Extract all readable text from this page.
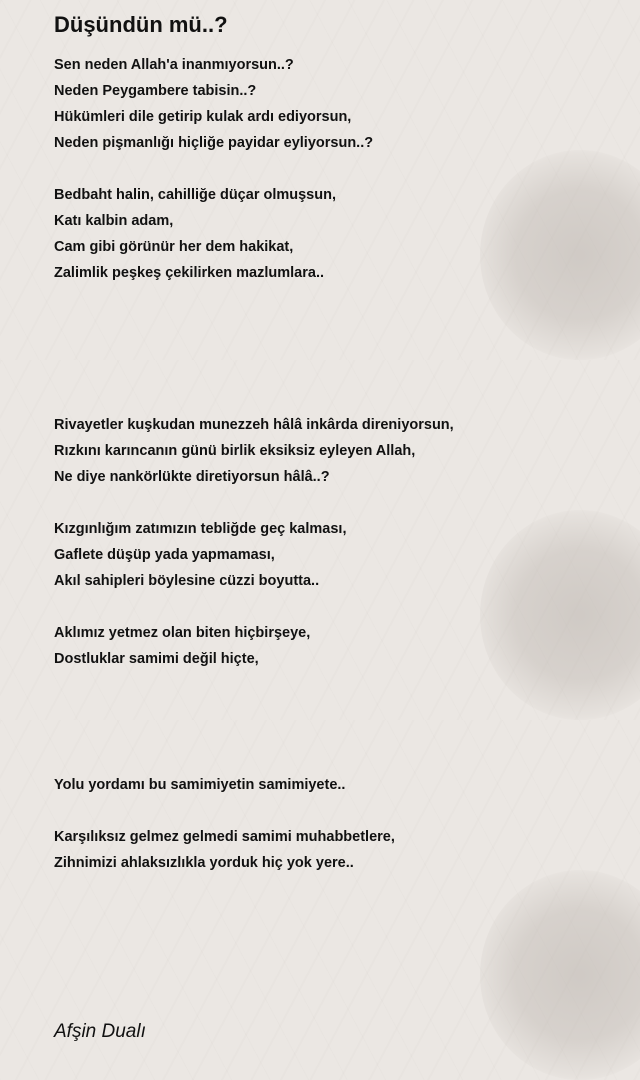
Düşündün mü..?
Sen neden Allah'a inanmıyorsun..?
Neden Peygambere tabisin..?
Hükümleri dile getirip kulak ardı ediyorsun,
Neden pişmanlığı hiçliğe payidar eyliyorsun..?
Bedbaht halin, cahilliğe düçar olmuşsun,
Katı kalbin adam,
Cam gibi görünür her dem hakikat,
Zalimlik peşkeş çekilirken mazlumlara..
Rivayetler kuşkudan munezzeh hâlâ inkârda direniyorsun,
Rızkını karıncanın günü birlik eksiksiz eyleyen Allah,
Ne diye nankörlükte diretiyorsun hâlâ..?
Kızgınlığım zatımızın tebliğde geç kalması,
Gaflete düşüp yada yapmaması,
Akıl sahipleri böylesine cüzzi boyutta..
Aklımız yetmez olan biten hiçbirşeye,
Dostluklar samimi değil hiçte,
Yolu yordamı bu samimiyetin samimiyete..
Karşılıksız gelmez gelmedi samimi muhabbetlere,
Zihnimizi ahlaksızlıkla yorduk hiç yok yere..
Afşin Dualı
